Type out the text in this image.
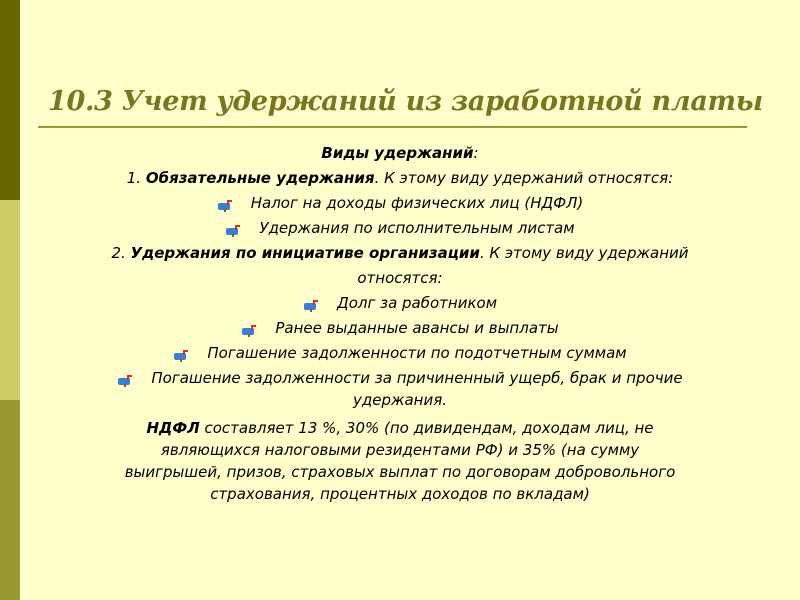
10.3 Учет удержаний из заработной платы
Виды удержаний:
1. Обязательные удержания. К этому виду удержаний относятся:
Налог на доходы физических лиц (НДФЛ)
Удержания по исполнительным листам
2. Удержания по инициативе организации. К этому виду удержаний
относятся:
Долг за работником
Ранее выданные авансы и выплаты
Погашение задолженности по подотчетным суммам
Погашение задолженности за причиненный ущерб, брак и прочие
удержания.
НДФЛ составляет 13 %, 30% (по дивидендам, доходам лиц, не
являющихся налоговыми резидентами РФ) и 35% (на сумму
выигрышей, призов, страховых выплат по договорам добровольного
страхования, процентных доходов по вкладам)
